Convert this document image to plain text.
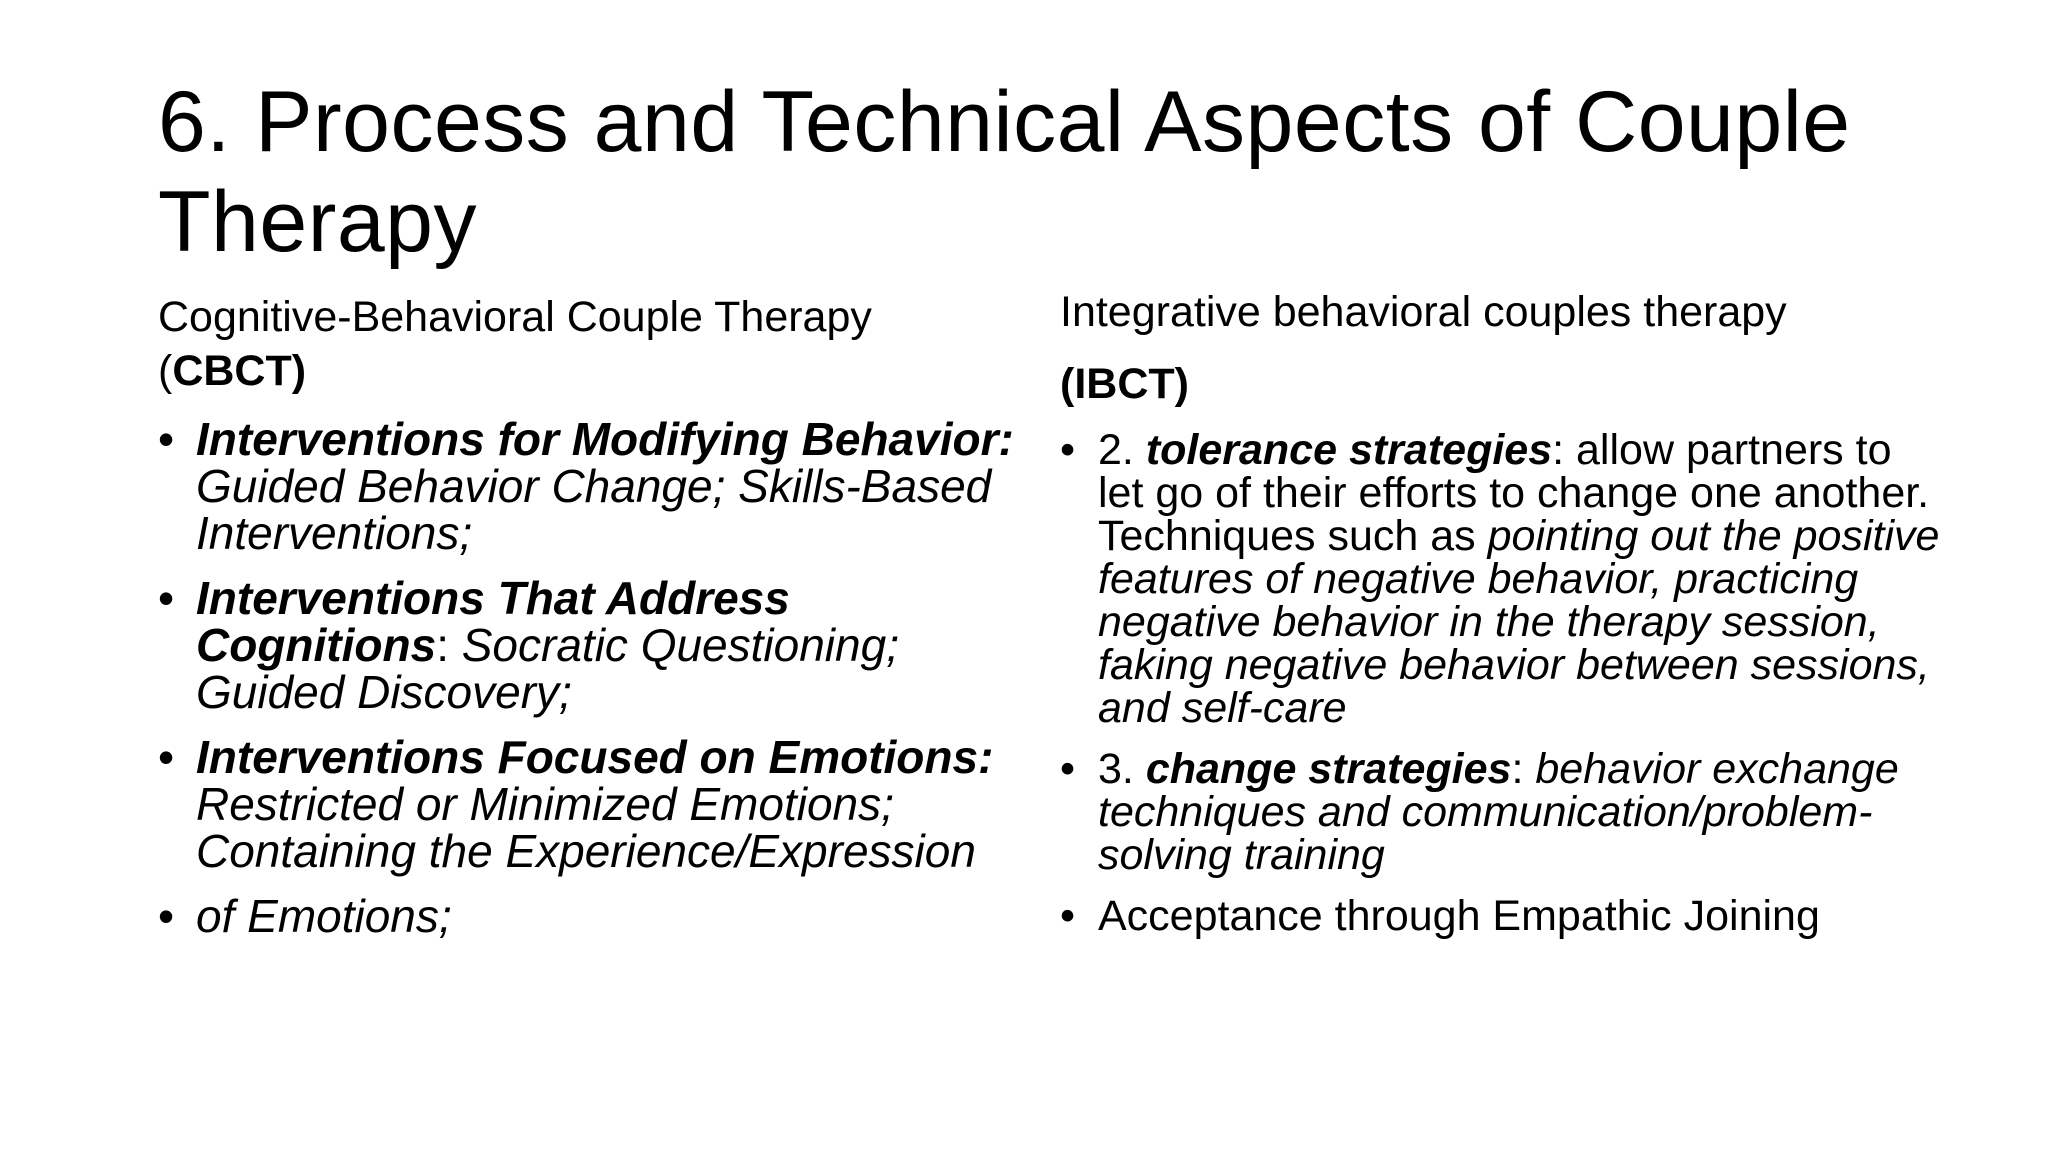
6. Process and Technical Aspects of Couple Therapy
Cognitive-Behavioral Couple Therapy
(CBCT)
• Interventions for Modifying Behavior: Guided Behavior Change; Skills-Based Interventions;
• Interventions That Address Cognitions: Socratic Questioning; Guided Discovery;
• Interventions Focused on Emotions: Restricted or Minimized Emotions; Containing the Experience/Expression
• of Emotions;
Integrative behavioral couples therapy
(IBCT)
• 2. tolerance strategies: allow partners to let go of their efforts to change one another. Techniques such as pointing out the positive features of negative behavior, practicing negative behavior in the therapy session, faking negative behavior between sessions, and self-care
• 3. change strategies: behavior exchange techniques and communication/problem-solving training
• Acceptance through Empathic Joining
